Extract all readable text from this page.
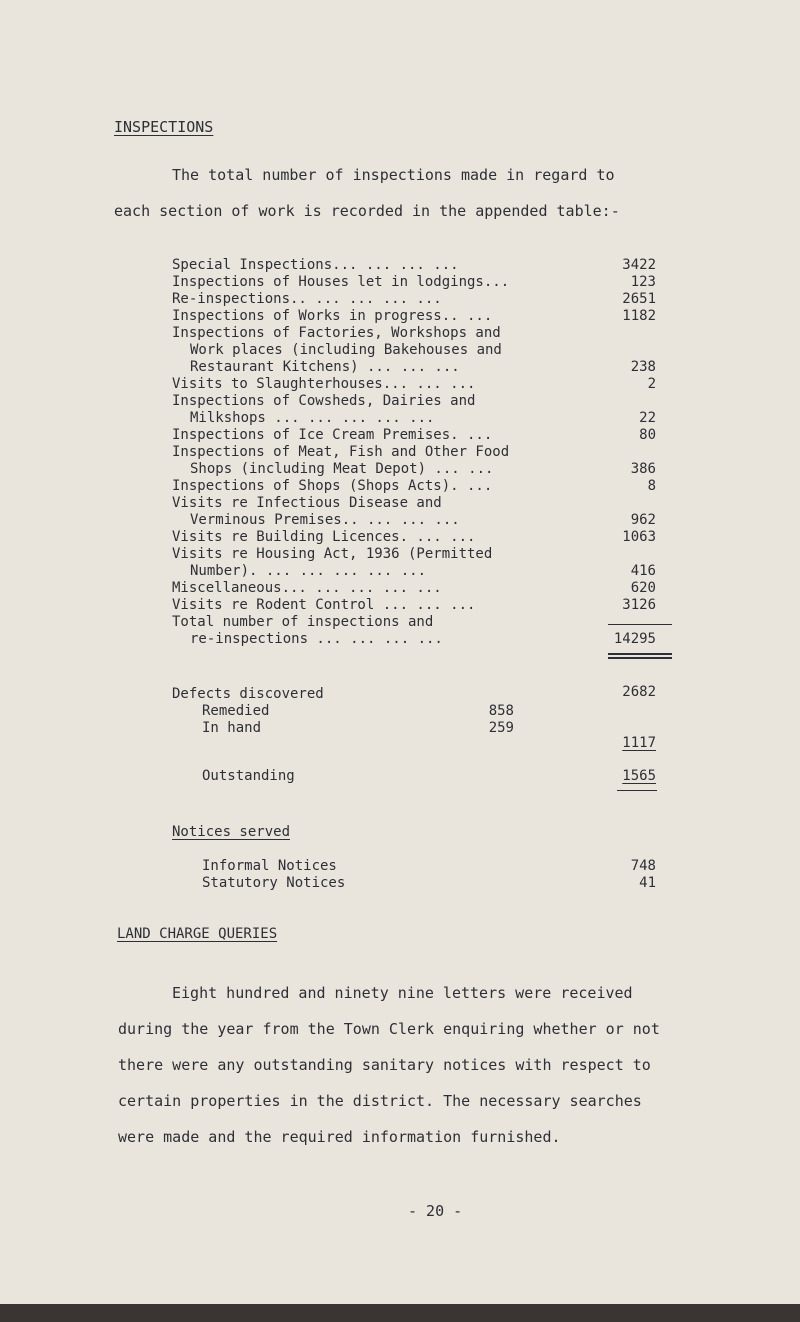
INSPECTIONS
The total number of inspections made in regard to
each section of work is recorded in the appended table:-
Special Inspections... ... ... ...	3422
Inspections of Houses let in lodgings...	123
Re-inspections.. ... ... ... ...	2651
Inspections of Works in progress.. ...	1182
Inspections of Factories, Workshops and
Work places (including Bakehouses and
Restaurant Kitchens) ... ... ...	238
Visits to Slaughterhouses... ... ...	2
Inspections of Cowsheds, Dairies and
Milkshops ... ... ... ... ...	22
Inspections of Ice Cream Premises. ...	80
Inspections of Meat, Fish and Other Food
Shops (including Meat Depot) ... ...	386
Inspections of Shops (Shops Acts). ...	8
Visits re Infectious Disease and
Verminous Premises.. ... ... ...	962
Visits re Building Licences. ... ...	1063
Visits re Housing Act, 1936 (Permitted
Number). ... ... ... ... ...	416
Miscellaneous... ... ... ... ...	620
Visits re Rodent Control ... ... ...	3126
Total number of inspections and
re-inspections ... ... ... ...	14295
Defects discovered	2682
Remedied	858
In hand	259
1117
Outstanding	1565
Notices served
Informal Notices	748
Statutory Notices	41
LAND CHARGE QUERIES
Eight hundred and ninety nine letters were received
during the year from the Town Clerk enquiring whether or not
there were any outstanding sanitary notices with respect to
certain properties in the district. The necessary searches
were made and the required information furnished.
- 20 -
